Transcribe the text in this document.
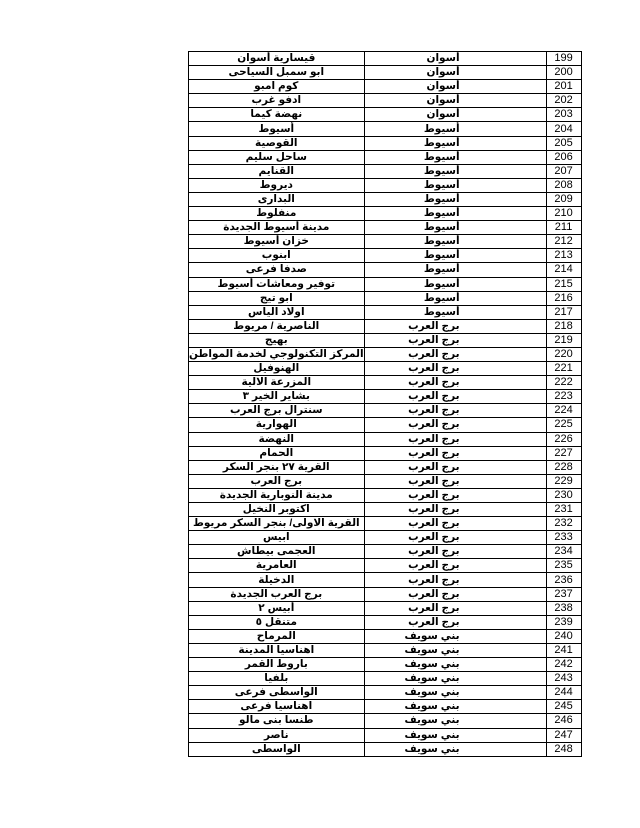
قيسارية أسوان	أسوان	199
ابو سمبل السياحى	أسوان	200
كوم امبو	أسوان	201
ادفو غرب	أسوان	202
نهضة كيما	أسوان	203
أسيوط	أسيوط	204
القوصية	أسيوط	205
ساحل سليم	أسيوط	206
القنايم	أسيوط	207
ديروط	أسيوط	208
البدارى	أسيوط	209
منفلوط	أسيوط	210
مدينة أسيوط الجديدة	أسيوط	211
خزان أسيوط	أسيوط	212
ابنوب	أسيوط	213
صدفا فرعى	أسيوط	214
توفير ومعاشات أسيوط	أسيوط	215
ابو تيج	أسيوط	216
اولاد الياس	أسيوط	217
الناصرية / مريوط	برج العرب	218
بهيج	برج العرب	219
المركز التكنولوجي لخدمة المواطن	برج العرب	220
الهنوفيل	برج العرب	221
المزرعة الالية	برج العرب	222
بشاير الخير ٣	برج العرب	223
سنترال برج العرب	برج العرب	224
الهوارية	برج العرب	225
النهضة	برج العرب	226
الحمام	برج العرب	227
القرية ٢٧ بنجر السكر	برج العرب	228
برج العرب	برج العرب	229
مدينة النوبارية الجديدة	برج العرب	230
اكتوبر النخيل	برج العرب	231
القرية الاولى/ بنجر السكر مريوط	برج العرب	232
ابيس	برج العرب	233
العجمى بيطاش	برج العرب	234
العامرية	برج العرب	235
الدخيلة	برج العرب	236
برج العرب الجديدة	برج العرب	237
أبيس ٢	برج العرب	238
متنقل ٥	برج العرب	239
المرماح	بني سويف	240
اهناسيا المدينة	بني سويف	241
باروط القمر	بني سويف	242
بلفيا	بني سويف	243
الواسطى فرعى	بني سويف	244
اهناسيا فرعى	بني سويف	245
طنسا بنى مالو	بني سويف	246
ناصر	بني سويف	247
الواسطى	بني سويف	248
